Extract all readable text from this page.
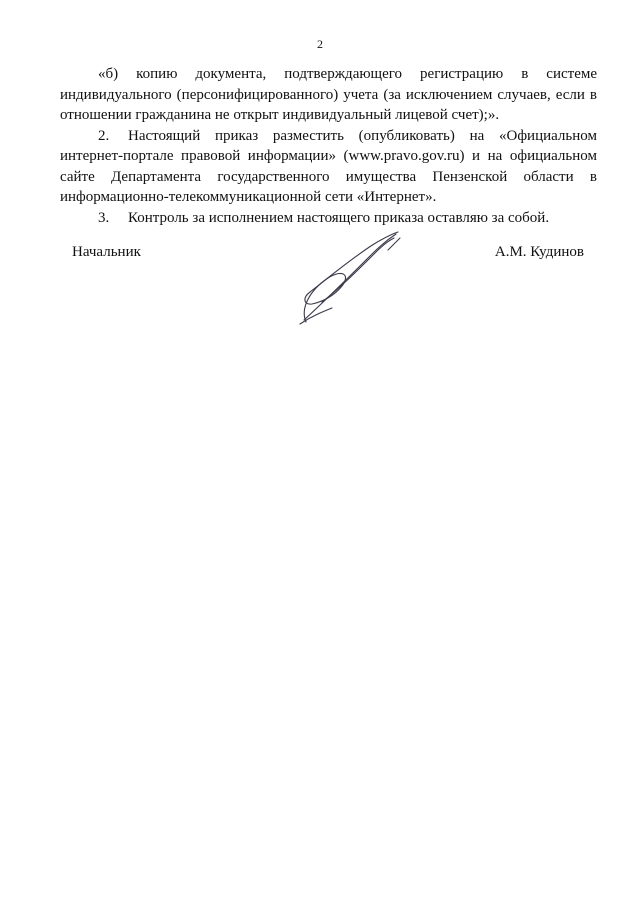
2

«б) копию документа, подтверждающего регистрацию в системе индивидуального (персонифицированного) учета (за исключением случаев, если в отношении гражданина не открыт индивидуальный лицевой счет);».

2. Настоящий приказ разместить (опубликовать) на «Официальном интернет-портале правовой информации» (www.pravo.gov.ru) и на официальном сайте Департамента государственного имущества Пензенской области в информационно-телекоммуникационной сети «Интернет».

3. Контроль за исполнением настоящего приказа оставляю за собой.

Начальник	А.М. Кудинов
